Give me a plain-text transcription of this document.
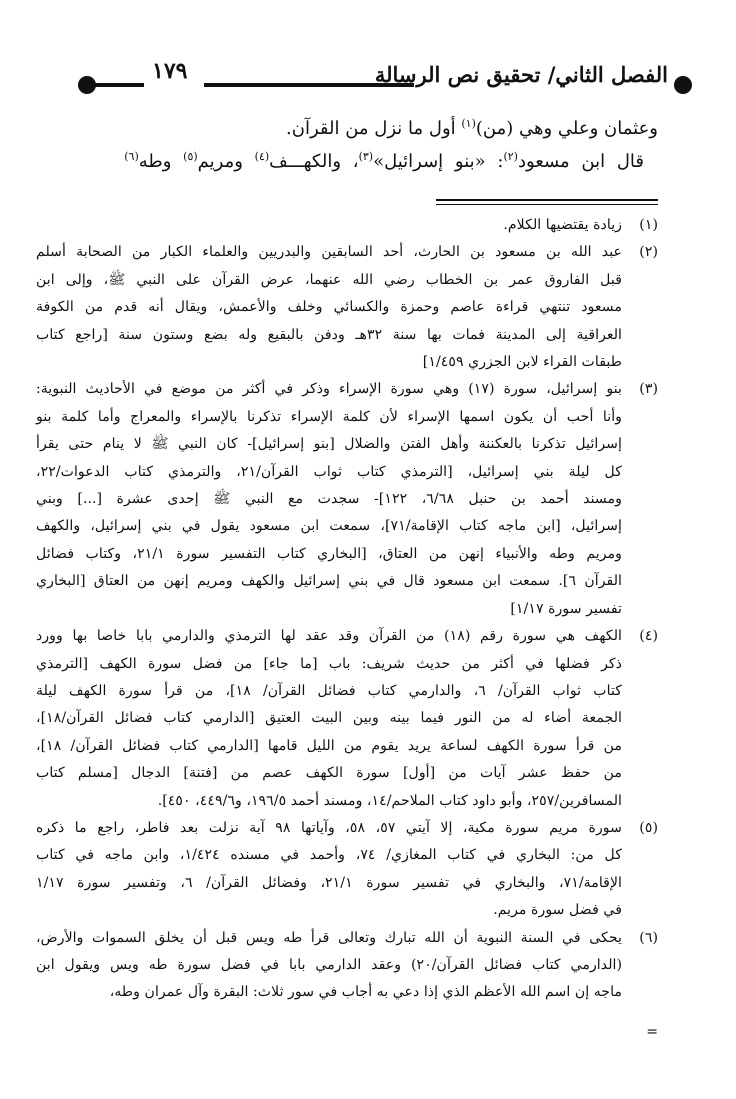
١٧٩	الفصل الثاني/ تحقيق نص الرسالة

وعثمان وعلي وهي (من)$^{(١)}$ أول ما نزل من القرآن.

قال ابن مسعود$^{(٢)}$: «بنو إسرائيل»$^{(٣)}$، والكهـــف$^{(٤)}$ ومريم$^{(٥)}$ وطه$^{(٦)}$

(١)
زيادة يقتضيها الكلام.
(٢)
عبد الله بن مسعود بن الحارث، أحد السابقين والبدريين والعلماء الكبار من الصحابة أسلم
قبل الفاروق عمر بن الخطاب رضي الله عنهما، عرض القرآن على النبي ﷺ، وإلى ابن
مسعود تنتهي قراءة عاصم وحمزة والكسائي وخلف والأعمش، ويقال أنه قدم من الكوفة
العراقية إلى المدينة فمات بها سنة ٣٢هـ ودفن بالبقيع وله بضع وستون سنة [راجع كتاب
طبقات القراء لابن الجزري ١/٤٥٩]
(٣)
بنو إسرائيل، سورة (١٧) وهي سورة الإسراء وذكر في أكثر من موضع في الأحاديث النبوية:
وأنا أحب أن يكون اسمها الإسراء لأن كلمة الإسراء تذكرنا بالإسراء والمعراج وأما كلمة بنو
إسرائيل تذكرنا بالعكننة وأهل الفتن والضلال [بنو إسرائيل]- كان النبي ﷺ لا ينام حتى يقرأ
كل ليلة بني إسرائيل، [الترمذي كتاب ثواب القرآن/٢١، والترمذي كتاب الدعوات/٢٢،
ومسند أحمد بن حنبل ٦/٦٨، ١٢٢]- سجدت مع النبي ﷺ إحدى عشرة [...] وبني
إسرائيل، [ابن ماجه كتاب الإقامة/٧١]، سمعت ابن مسعود يقول في بني إسرائيل، والكهف
ومريم وطه والأنبياء إنهن من العتاق، [البخاري كتاب التفسير سورة ٢١/١، وكتاب فضائل
القرآن ٦]. سمعت ابن مسعود قال في بني إسرائيل والكهف ومريم إنهن من العتاق [البخاري
تفسير سورة ١/١٧]
(٤)
الكهف هي سورة رقم (١٨) من القرآن وقد عقد لها الترمذي والدارمي بابا خاصا بها وورد
ذكر فضلها في أكثر من حديث شريف: باب [ما جاء] من فضل سورة الكهف [الترمذي
كتاب ثواب القرآن/ ٦، والدارمي كتاب فضائل القرآن/ ١٨]، من قرأ سورة الكهف ليلة
الجمعة أضاء له من النور فيما بينه وبين البيت العتيق [الدارمي كتاب فضائل القرآن/١٨]،
من قرأ سورة الكهف لساعة يريد يقوم من الليل قامها [الدارمي كتاب فضائل القرآن/ ١٨]،
من حفظ عشر آيات من [أول] سورة الكهف عصم من [فتنة] الدجال [مسلم كتاب
المسافرين/٢٥٧، وأبو داود كتاب الملاحم/١٤، ومسند أحمد ١٩٦/٥، و٤٤٩/٦، ٤٥٠].
(٥)
سورة مريم سورة مكية، إلا آيتي ٥٧، ٥٨، وآياتها ٩٨ آية نزلت بعد فاطر، راجع ما ذكره
كل من: البخاري في كتاب المغازي/ ٧٤، وأحمد في مسنده ١/٤٢٤، وابن ماجه في كتاب
الإقامة/٧١، والبخاري في تفسير سورة ٢١/١، وفضائل القرآن/ ٦، وتفسير سورة ١/١٧
في فضل سورة مريم.
(٦)
يحكى في السنة النبوية أن الله تبارك وتعالى قرأ طه ويس قبل أن يخلق السموات والأرض،
(الدارمي كتاب فضائل القرآن/٢٠) وعقد الدارمي بابا في فضل سورة طه ويس ويقول ابن
ماجه إن اسم الله الأعظم الذي إذا دعي به أجاب في سور ثلاث: البقرة وآل عمران وطه،
=
